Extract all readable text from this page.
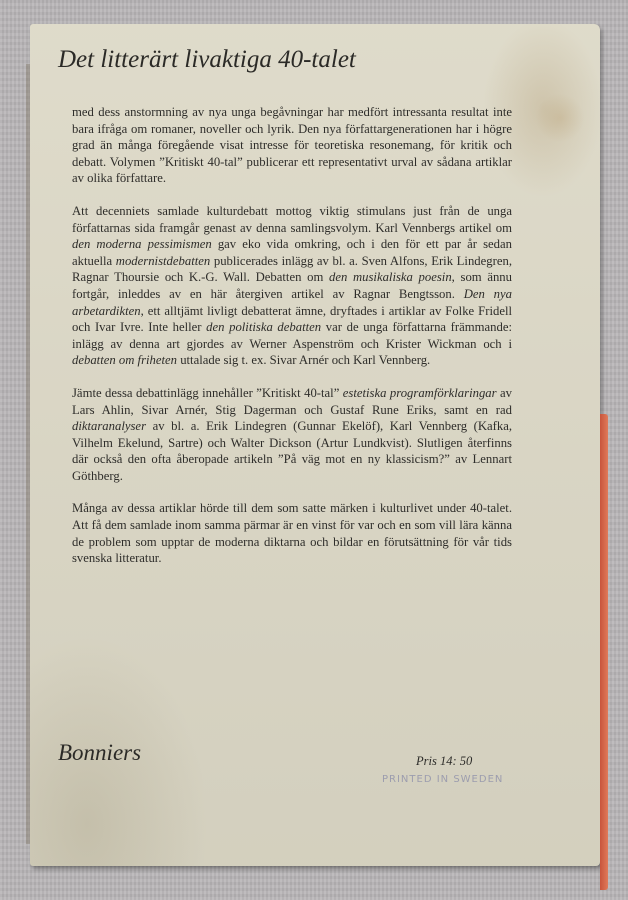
Det litterärt livaktiga 40-talet

med dess anstormning av nya unga begåvningar har medfört intressanta resultat inte bara ifråga om romaner, noveller och lyrik. Den nya författargenerationen har i högre grad än många föregående visat intresse för teoretiska resonemang, för kritik och debatt. Volymen ”Kritiskt 40-tal” publicerar ett representativt urval av sådana artiklar av olika författare.

Att decenniets samlade kulturdebatt mottog viktig stimulans just från de unga författarnas sida framgår genast av denna samlingsvolym. Karl Vennbergs artikel om den moderna pessimismen gav eko vida omkring, och i den för ett par år sedan aktuella modernistdebatten publicerades inlägg av bl. a. Sven Alfons, Erik Lindegren, Ragnar Thoursie och K.-G. Wall. Debatten om den musikaliska poesin, som ännu fortgår, inleddes av en här återgiven artikel av Ragnar Bengtsson. Den nya arbetardikten, ett alltjämt livligt debatterat ämne, dryftades i artiklar av Folke Fridell och Ivar Ivre. Inte heller den politiska debatten var de unga författarna främmande: inlägg av denna art gjordes av Werner Aspenström och Krister Wickman och i debatten om friheten uttalade sig t. ex. Sivar Arnér och Karl Vennberg.

Jämte dessa debattinlägg innehåller ”Kritiskt 40-tal” estetiska programförklaringar av Lars Ahlin, Sivar Arnér, Stig Dagerman och Gustaf Rune Eriks, samt en rad diktaranalyser av bl. a. Erik Lindegren (Gunnar Ekelöf), Karl Vennberg (Kafka, Vilhelm Ekelund, Sartre) och Walter Dickson (Artur Lundkvist). Slutligen återfinns där också den ofta åberopade artikeln ”På väg mot en ny klassicism?” av Lennart Göthberg.

Många av dessa artiklar hörde till dem som satte märken i kulturlivet under 40-talet. Att få dem samlade inom samma pärmar är en vinst för var och en som vill lära känna de problem som upptar de moderna diktarna och bildar en förutsättning för vår tids svenska litteratur.

Bonniers	Pris 14: 50
PRINTED IN SWEDEN
